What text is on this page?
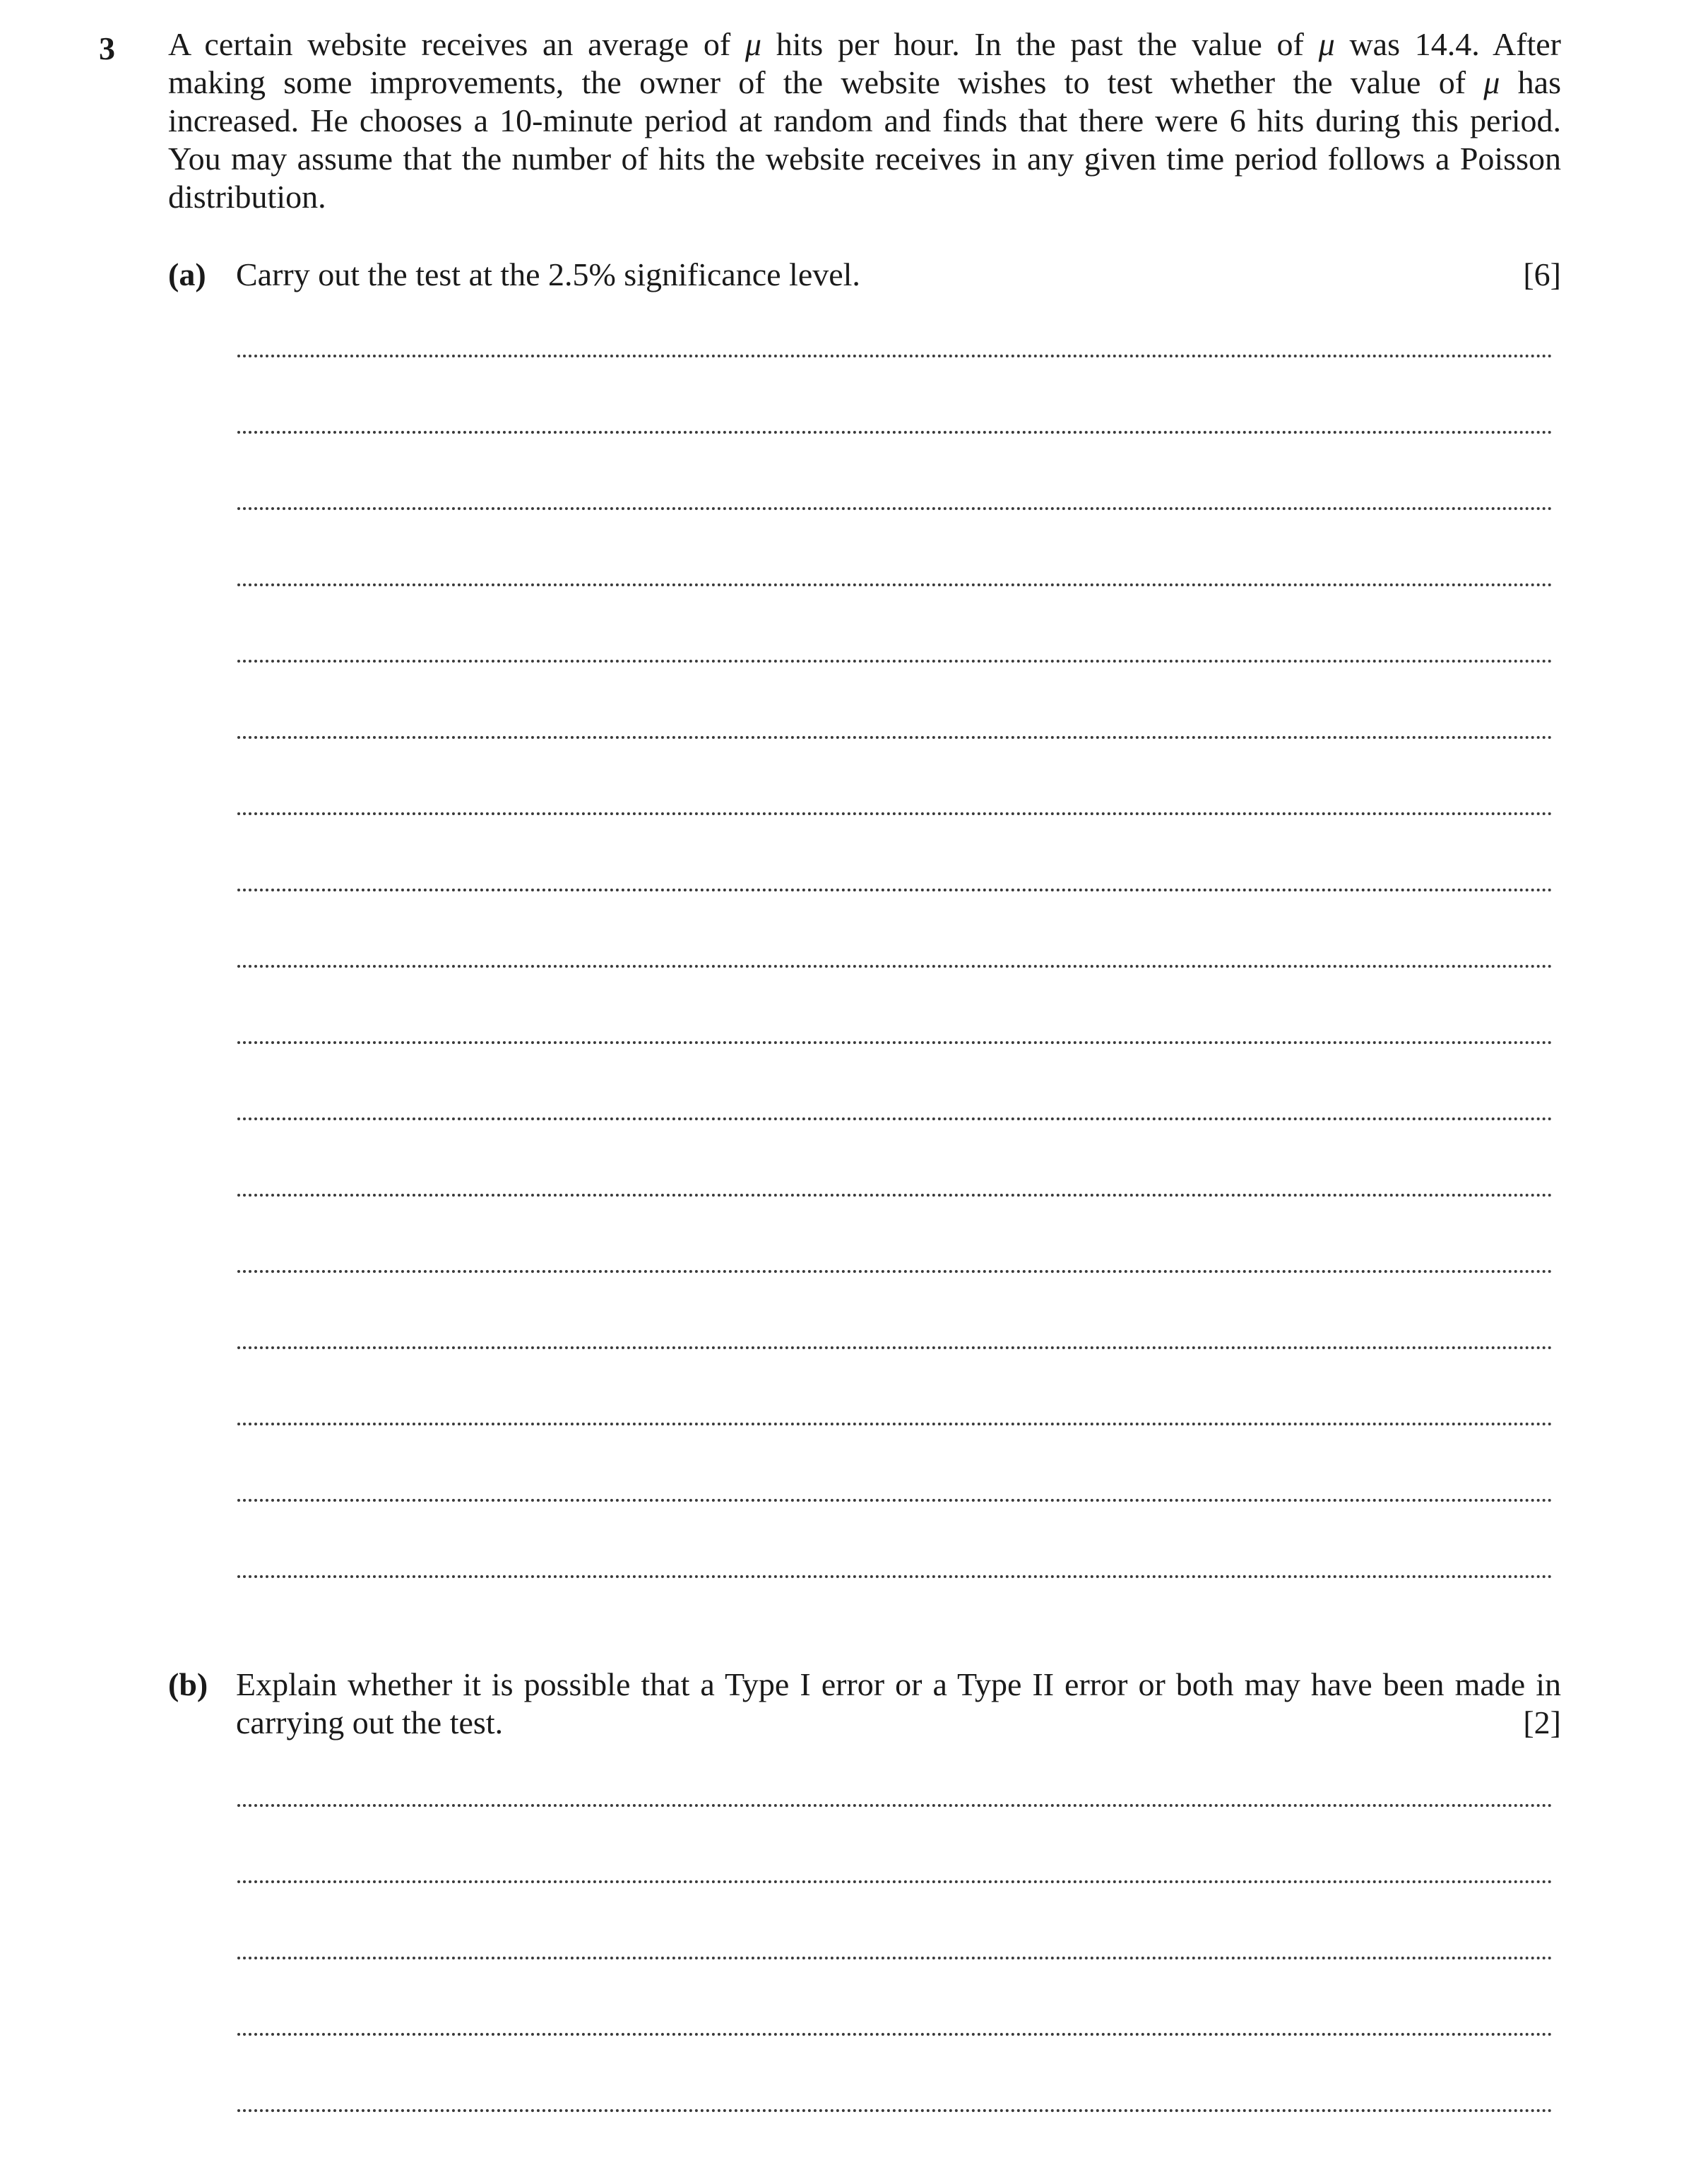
3 A certain website receives an average of μ hits per hour. In the past the value of μ was 14.4. After
making some improvements, the owner of the website wishes to test whether the value of μ has
increased. He chooses a 10-minute period at random and finds that there were 6 hits during this period.
You may assume that the number of hits the website receives in any given time period follows a Poisson
distribution.
(a) Carry out the test at the 2.5% significance level.	[6]
(b) Explain whether it is possible that a Type I error or a Type II error or both may have been made in
carrying out the test.	[2]
